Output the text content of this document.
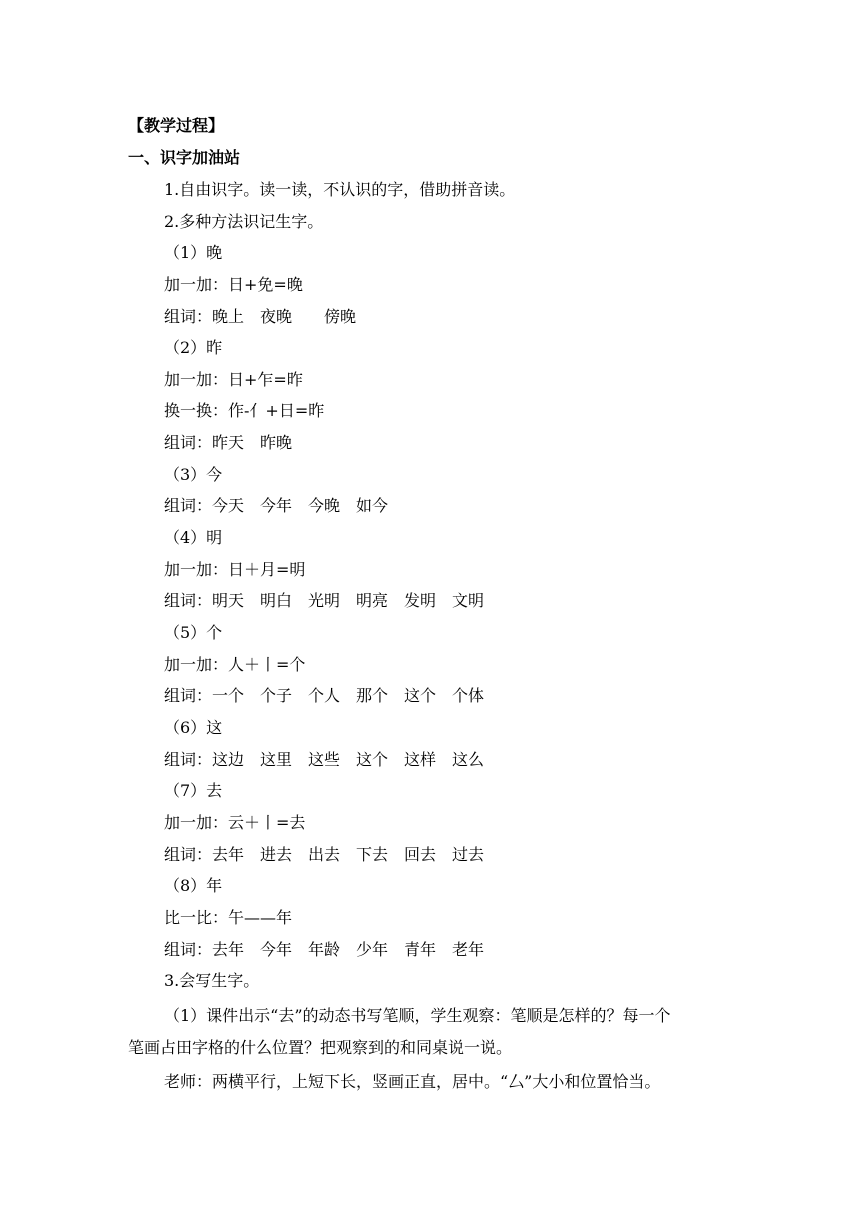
【教学过程】
一、识字加油站
1.自由识字。读一读，不认识的字，借助拼音读。
2.多种方法识记生字。
（1）晚
加一加：日+免=晚
组词：晚上　夜晚　　傍晚
（2）昨
加一加：日+乍=昨
换一换：作-亻+日=昨
组词：昨天　昨晚
（3）今
组词：今天　今年　今晚　如今
（4）明
加一加：日＋月=明
组词：明天　明白　光明　明亮　发明　文明
（5）个
加一加：人＋丨=个
组词：一个　个子　个人　那个　这个　个体
（6）这
组词：这边　这里　这些　这个　这样　这么
（7）去
加一加：云＋丨=去
组词：去年　进去　出去　下去　回去　过去
（8）年
比一比：午——年
组词：去年　今年　年龄　少年　青年　老年
3.会写生字。
（1）课件出示“去”的动态书写笔顺，学生观察：笔顺是怎样的？每一个
笔画占田字格的什么位置？把观察到的和同桌说一说。
老师：两横平行，上短下长，竖画正直，居中。“厶”大小和位置恰当。
